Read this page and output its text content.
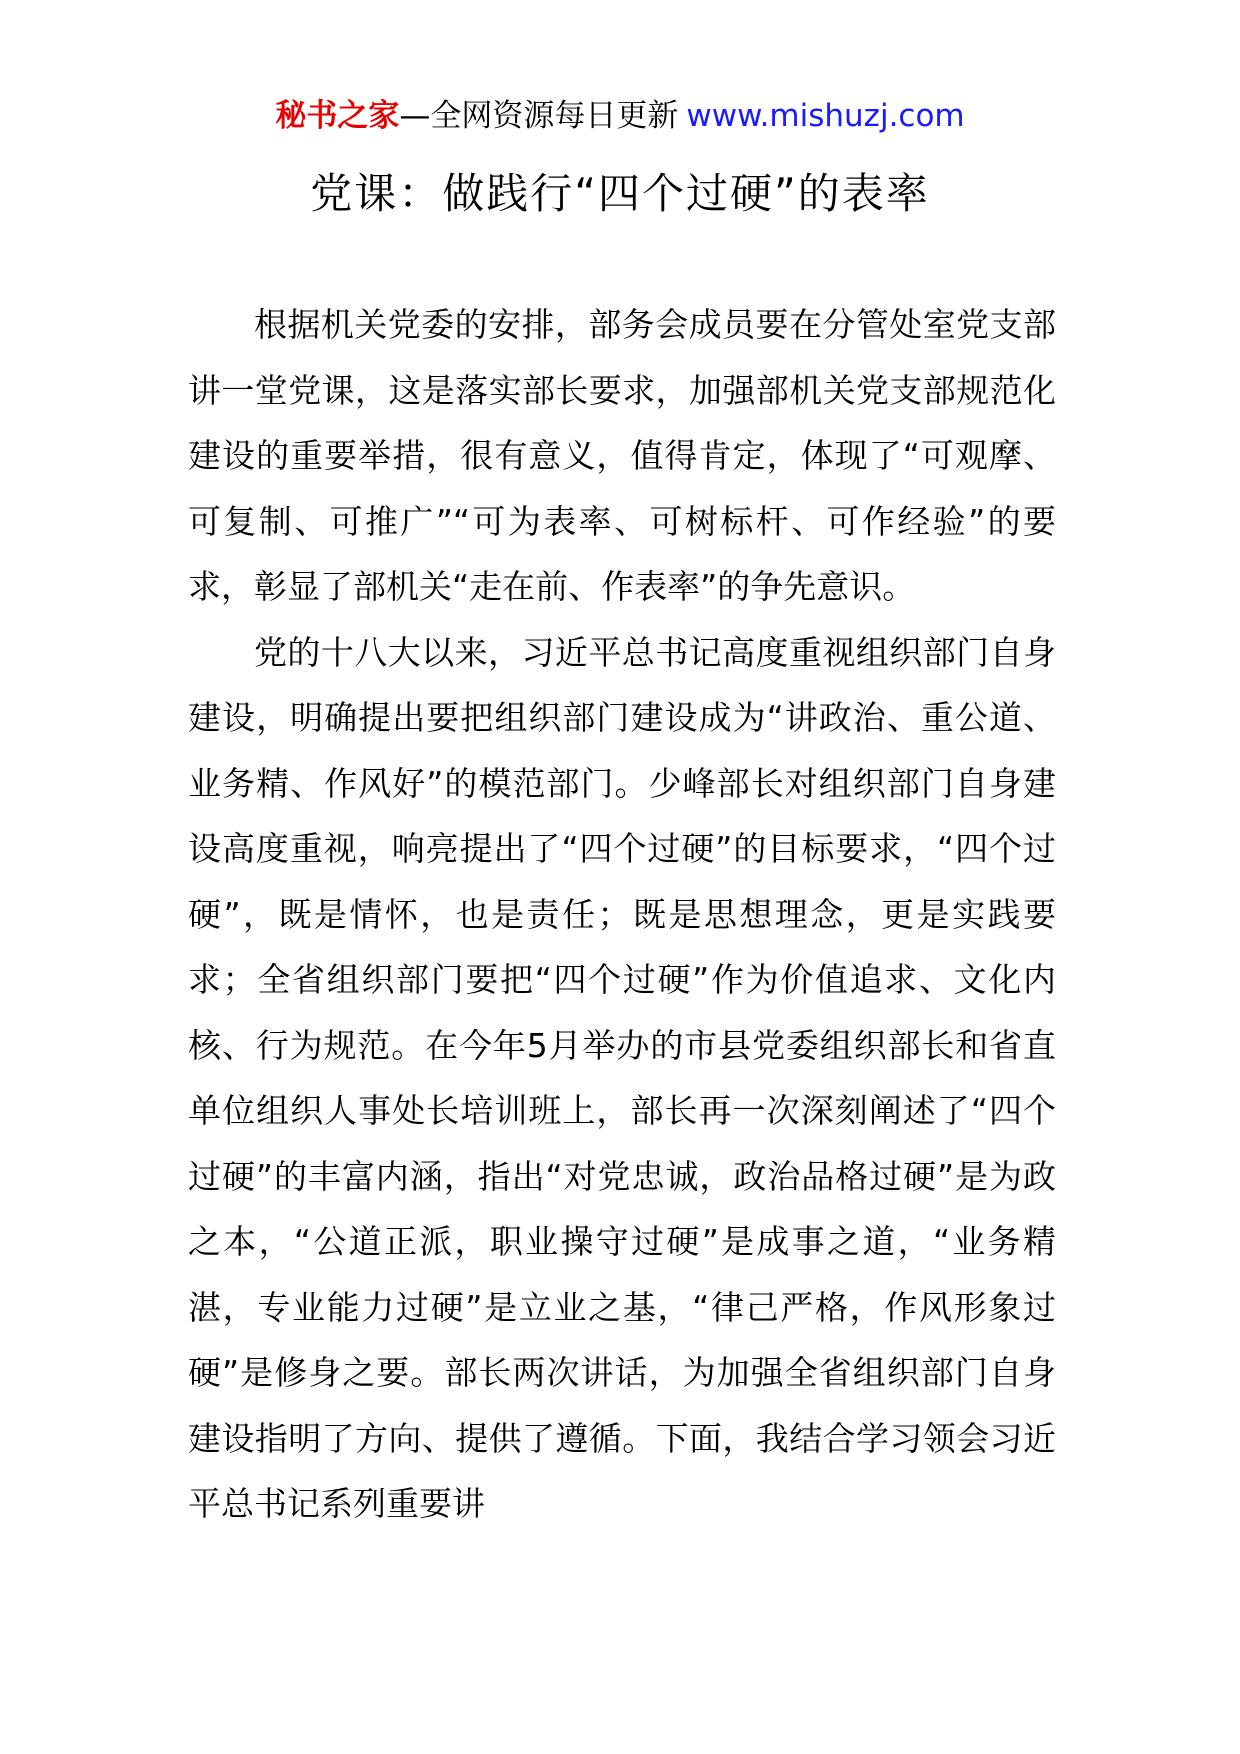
秘书之家—全网资源每日更新 www.mishuzj.com
党课：做践行“四个过硬”的表率

根据机关党委的安排，部务会成员要在分管处室党支部讲一堂党课，这是落实部长要求，加强部机关党支部规范化建设的重要举措，很有意义，值得肯定，体现了“可观摩、可复制、可推广”“可为表率、可树标杆、可作经验”的要求，彰显了部机关“走在前、作表率”的争先意识。

党的十八大以来，习近平总书记高度重视组织部门自身建设，明确提出要把组织部门建设成为“讲政治、重公道、业务精、作风好”的模范部门。少峰部长对组织部门自身建设高度重视，响亮提出了“四个过硬”的目标要求，“四个过硬”，既是情怀，也是责任；既是思想理念，更是实践要求；全省组织部门要把“四个过硬”作为价值追求、文化内核、行为规范。在今年5月举办的市县党委组织部长和省直单位组织人事处长培训班上，部长再一次深刻阐述了“四个过硬”的丰富内涵，指出“对党忠诚，政治品格过硬”是为政之本，“公道正派，职业操守过硬”是成事之道，“业务精湛，专业能力过硬”是立业之基，“律己严格，作风形象过硬”是修身之要。部长两次讲话，为加强全省组织部门自身建设指明了方向、提供了遵循。下面，我结合学习领会习近平总书记系列重要讲
